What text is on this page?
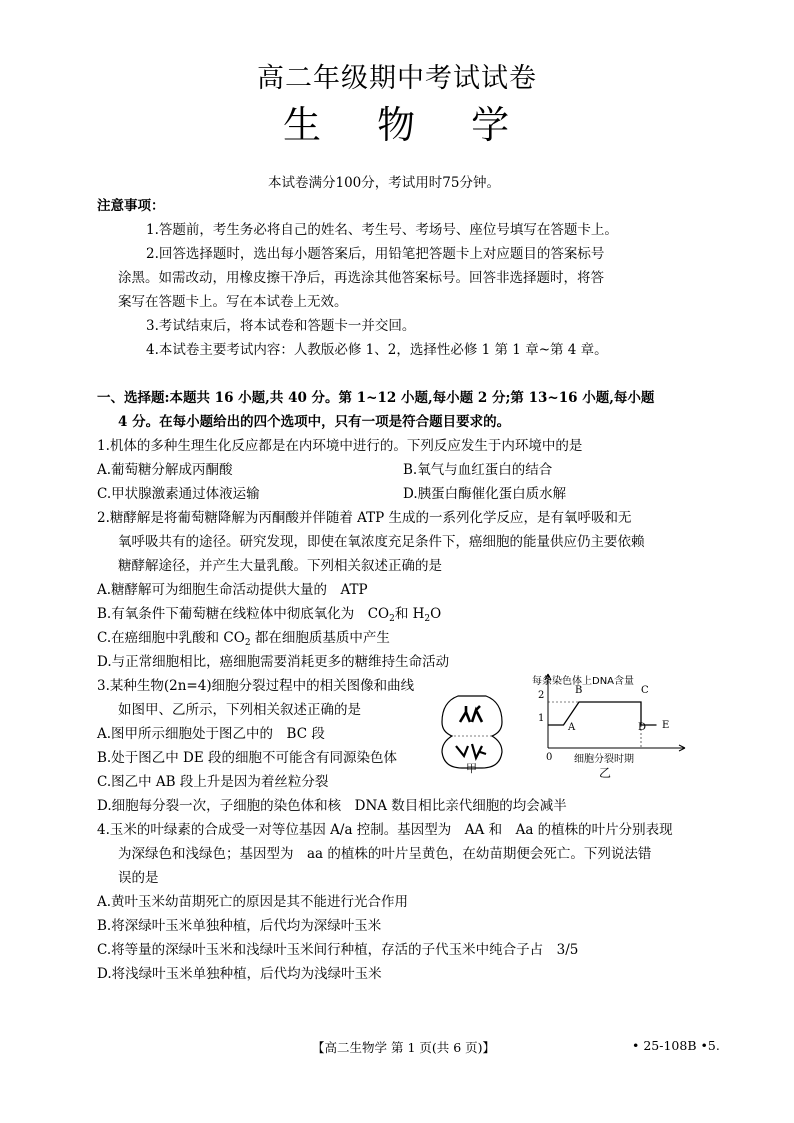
高二年级期中考试试卷
生 物 学
本试卷满分100分，考试用时75分钟。
注意事项：
1.答题前，考生务必将自己的姓名、考生号、考场号、座位号填写在答题卡上。
2.回答选择题时，选出每小题答案后，用铅笔把答题卡上对应题目的答案标号
涂黑。如需改动，用橡皮擦干净后，再选涂其他答案标号。回答非选择题时，将答
案写在答题卡上。写在本试卷上无效。
3.考试结束后，将本试卷和答题卡一并交回。
4.本试卷主要考试内容：人教版必修 1、2，选择性必修 1 第 1 章~第 4 章。
一、选择题:本题共 16 小题,共 40 分。第 1~12 小题,每小题 2 分;第 13~16 小题,每小题
4 分。在每小题给出的四个选项中，只有一项是符合题目要求的。
1.机体的多种生理生化反应都是在内环境中进行的。下列反应发生于内环境中的是
A.葡萄糖分解成丙酮酸	B.氧气与血红蛋白的结合
C.甲状腺激素通过体液运输	D.胰蛋白酶催化蛋白质水解
2.糖酵解是将葡萄糖降解为丙酮酸并伴随着 ATP 生成的一系列化学反应，是有氧呼吸和无
氧呼吸共有的途径。研究发现，即使在氧浓度充足条件下，癌细胞的能量供应仍主要依赖
糖酵解途径，并产生大量乳酸。下列相关叙述正确的是
A.糖酵解可为细胞生命活动提供大量的　ATP
B.有氧条件下葡萄糖在线粒体中彻底氧化为　$CO_2$和 $H_2O$
C.在癌细胞中乳酸和 $CO_2$ 都在细胞质基质中产生
D.与正常细胞相比，癌细胞需要消耗更多的糖维持生命活动
3.某种生物(2n=4)细胞分裂过程中的相关图像和曲线
如图甲、乙所示，下列相关叙述正确的是
A.图甲所示细胞处于图乙中的　BC 段
B.处于图乙中 DE 段的细胞不可能含有同源染色体
C.图乙中 AB 段上升是因为着丝粒分裂
D.细胞每分裂一次，子细胞的染色体和核　DNA 数目相比亲代细胞的均会减半
甲
每条染色体上DNA含量
2
1
0
A
B	C
D E
细胞分裂时期
乙
4.玉米的叶绿素的合成受一对等位基因 A/a 控制。基因型为　AA 和　Aa 的植株的叶片分别表现
为深绿色和浅绿色；基因型为　aa 的植株的叶片呈黄色，在幼苗期便会死亡。下列说法错
误的是
A.黄叶玉米幼苗期死亡的原因是其不能进行光合作用
B.将深绿叶玉米单独种植，后代均为深绿叶玉米
C.将等量的深绿叶玉米和浅绿叶玉米间行种植，存活的子代玉米中纯合子占　3/5
D.将浅绿叶玉米单独种植，后代均为浅绿叶玉米
【高二生物学 第 1 页(共 6 页)】	• 25-108B •5.
